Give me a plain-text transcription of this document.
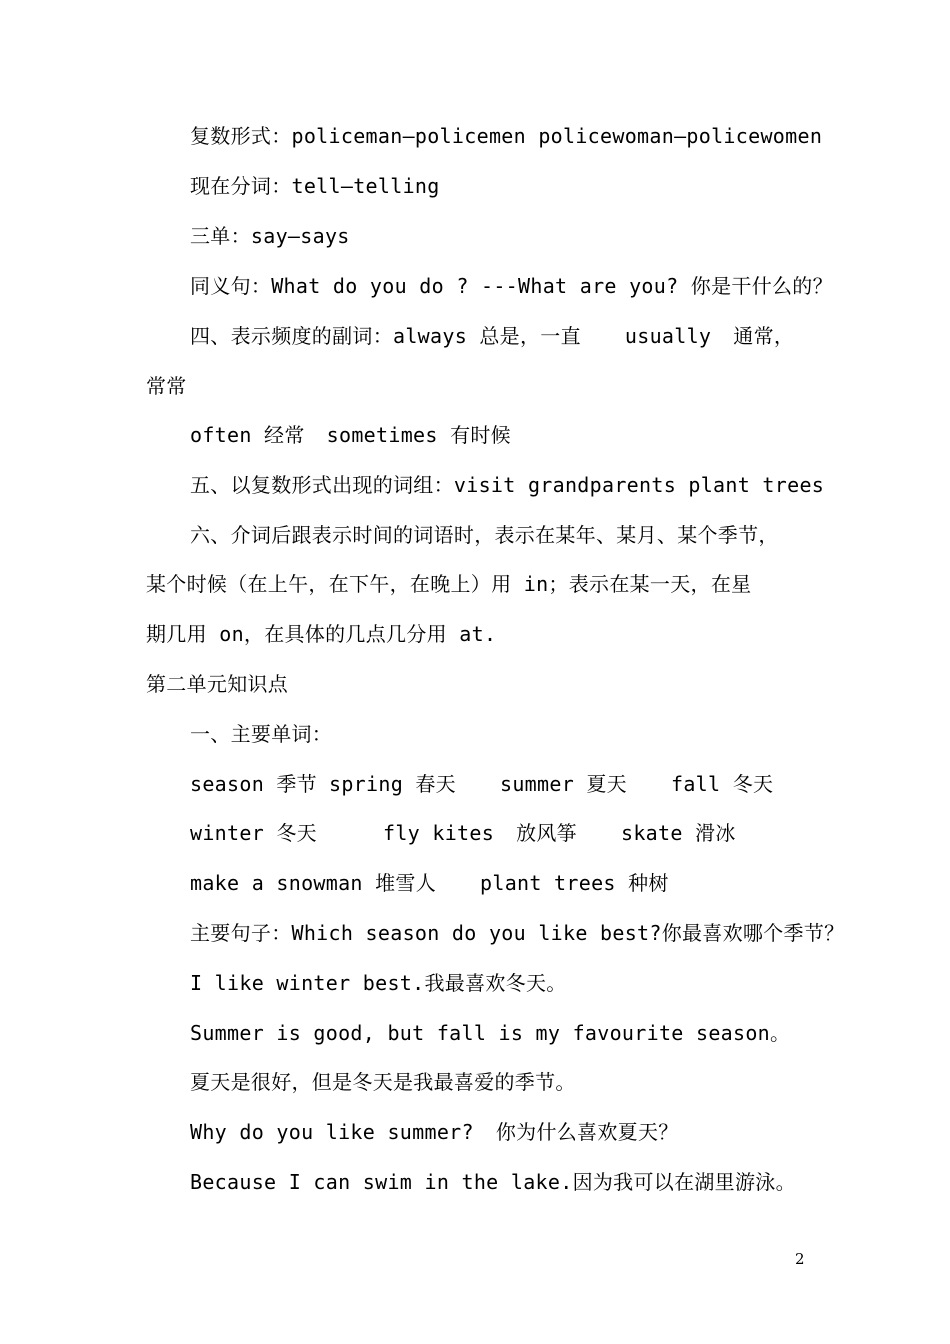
复数形式：policeman—policemen policewoman—policewomen
现在分词：tell—telling
三单：say—says
同义句：What do you do ? ---What are you? 你是干什么的？
四、表示频度的副词：always 总是，一直 usually 通常，
常常
often 经常 sometimes 有时候
五、以复数形式出现的词组：visit grandparents plant trees
六、介词后跟表示时间的词语时，表示在某年、某月、某个季节，
某个时候（在上午，在下午，在晚上）用 in；表示在某一天，在星
期几用 on，在具体的几点几分用 at.
第二单元知识点
一、主要单词：
season 季节 spring 春天 summer 夏天 fall 冬天
winter 冬天	fly kites 放风筝 skate 滑冰
make a snowman 堆雪人 plant trees 种树
主要句子：Which season do you like best?你最喜欢哪个季节？
I like winter best.我最喜欢冬天。
Summer is good, but fall is my favourite season。
夏天是很好，但是冬天是我最喜爱的季节。
Why do you like summer? 你为什么喜欢夏天？
Because I can swim in the lake.因为我可以在湖里游泳。
2
